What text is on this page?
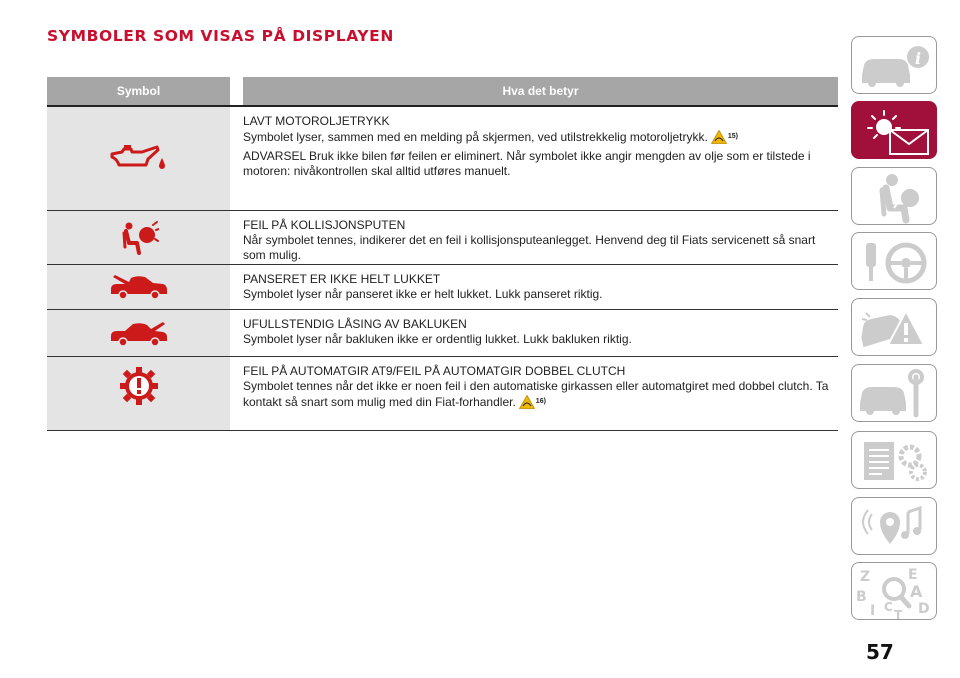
SYMBOLER SOM VISAS PÅ DISPLAYEN
Symbol	Hva det betyr

LAVT MOTOROLJETRYKK

Symbolet lyser, sammen med en melding på skjermen, ved utilstrekkelig motoroljetrykk.	$^{15)}$

ADVARSEL Bruk ikke bilen før feilen er eliminert. Når symbolet ikke angir mengden av olje som er tilstede i motoren: nivåkontrollen skal alltid utføres manuelt.

FEIL PÅ KOLLISJONSPUTEN

Når symbolet tennes, indikerer det en feil i kollisjonsputeanlegget. Henvend deg til Fiats servicenett så snart som mulig.

PANSERET ER IKKE HELT LUKKET

Symbolet lyser når panseret ikke er helt lukket. Lukk panseret riktig.

UFULLSTENDIG LÅSING AV BAKLUKEN

Symbolet lyser når bakluken ikke er ordentlig lukket. Lukk bakluken riktig.

FEIL PÅ AUTOMATGIR AT9/FEIL PÅ AUTOMATGIR DOBBEL CLUTCH

Symbolet tennes når det ikke er noen feil i den automatiske girkassen eller automatgiret med dobbel clutch. Ta kontakt så snart som mulig med din Fiat-forhandler.	$^{16)}$

i
Z	E
B	A
I C
T D
57
